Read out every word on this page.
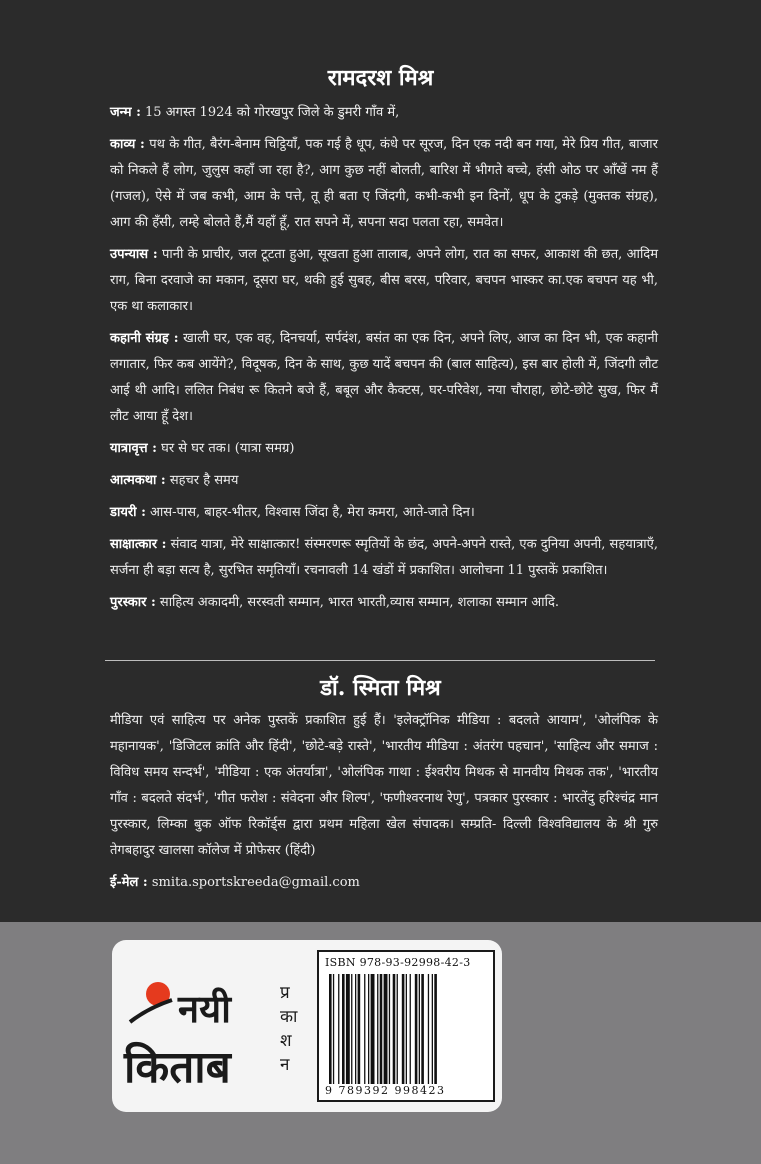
रामदरश मिश्र

जन्म : 15 अगस्त 1924 को गोरखपुर जिले के डुमरी गाँव में,

काव्य : पथ के गीत, बैरंग-बेनाम चिट्ठियाँ, पक गई है धूप, कंधे पर सूरज, दिन एक नदी बन गया, मेरे प्रिय गीत, बाजार को निकले हैं लोग, जुलुस कहाँ जा रहा है?, आग कुछ नहीं बोलती, बारिश में भीगते बच्चे, हंसी ओठ पर आँखें नम हैं (गजल), ऐसे में जब कभी, आम के पत्ते, तू ही बता ए जिंदगी, कभी-कभी इन दिनों, धूप के टुकड़े (मुक्तक संग्रह), आग की हँसी, लम्हे बोलते हैं,मैं यहाँ हूँ, रात सपने में, सपना सदा पलता रहा, समवेत।

उपन्यास : पानी के प्राचीर, जल टूटता हुआ, सूखता हुआ तालाब, अपने लोग, रात का सफर, आकाश की छत, आदिम राग, बिना दरवाजे का मकान, दूसरा घर, थकी हुई सुबह, बीस बरस, परिवार, बचपन भास्कर का.एक बचपन यह भी, एक था कलाकार।

कहानी संग्रह : खाली घर, एक वह, दिनचर्या, सर्पदंश, बसंत का एक दिन, अपने लिए, आज का दिन भी, एक कहानी लगातार, फिर कब आयेंगे?, विदूषक, दिन के साथ, कुछ यादें बचपन की (बाल साहित्य), इस बार होली में, जिंदगी लौट आई थी आदि। ललित निबंध रू कितने बजे हैं, बबूल और कैक्टस, घर-परिवेश, नया चौराहा, छोटे-छोटे सुख, फिर मैं लौट आया हूँ देश।

यात्रावृत्त : घर से घर तक। (यात्रा समग्र)

आत्मकथा : सहचर है समय

डायरी : आस-पास, बाहर-भीतर, विश्वास जिंदा है, मेरा कमरा, आते-जाते दिन।

साक्षात्कार : संवाद यात्रा, मेरे साक्षात्कार! संस्मरणरू स्मृतियों के छंद, अपने-अपने रास्ते, एक दुनिया अपनी, सहयात्राएँ, सर्जना ही बड़ा सत्य है, सुरभित समृतियाँ। रचनावली 14 खंडों में प्रकाशित। आलोचना 11 पुस्तकें प्रकाशित।

पुरस्कार : साहित्य अकादमी, सरस्वती सम्मान, भारत भारती,व्यास सम्मान, शलाका सम्मान आदि.

डॉ. स्मिता मिश्र

मीडिया एवं साहित्य पर अनेक पुस्तकें प्रकाशित हुई हैं। 'इलेक्ट्रॉनिक मीडिया : बदलते आयाम', 'ओलंपिक के महानायक', 'डिजिटल क्रांति और हिंदी', 'छोटे-बड़े रास्ते', 'भारतीय मीडिया : अंतरंग पहचान', 'साहित्य और समाज : विविध समय सन्दर्भ', 'मीडिया : एक अंतर्यात्रा', 'ओलंपिक गाथा : ईश्वरीय मिथक से मानवीय मिथक तक', 'भारतीय गाँव : बदलते संदर्भ', 'गीत फरोश : संवेदना और शिल्प', 'फणीश्वरनाथ रेणु', पत्रकार पुरस्कार : भारतेंदु हरिश्चंद्र मान पुरस्कार, लिम्का बुक ऑफ रिकॉर्ड्स द्वारा प्रथम महिला खेल संपादक। सम्प्रति- दिल्ली विश्वविद्यालय के श्री गुरु तेगबहादुर खालसा कॉलेज में प्रोफेसर (हिंदी)

ई-मेल : smita.sportskreeda@gmail.com

नयी
किताब
प्र
का
श
न
ISBN 978-93-92998-42-3
9 789392 998423
